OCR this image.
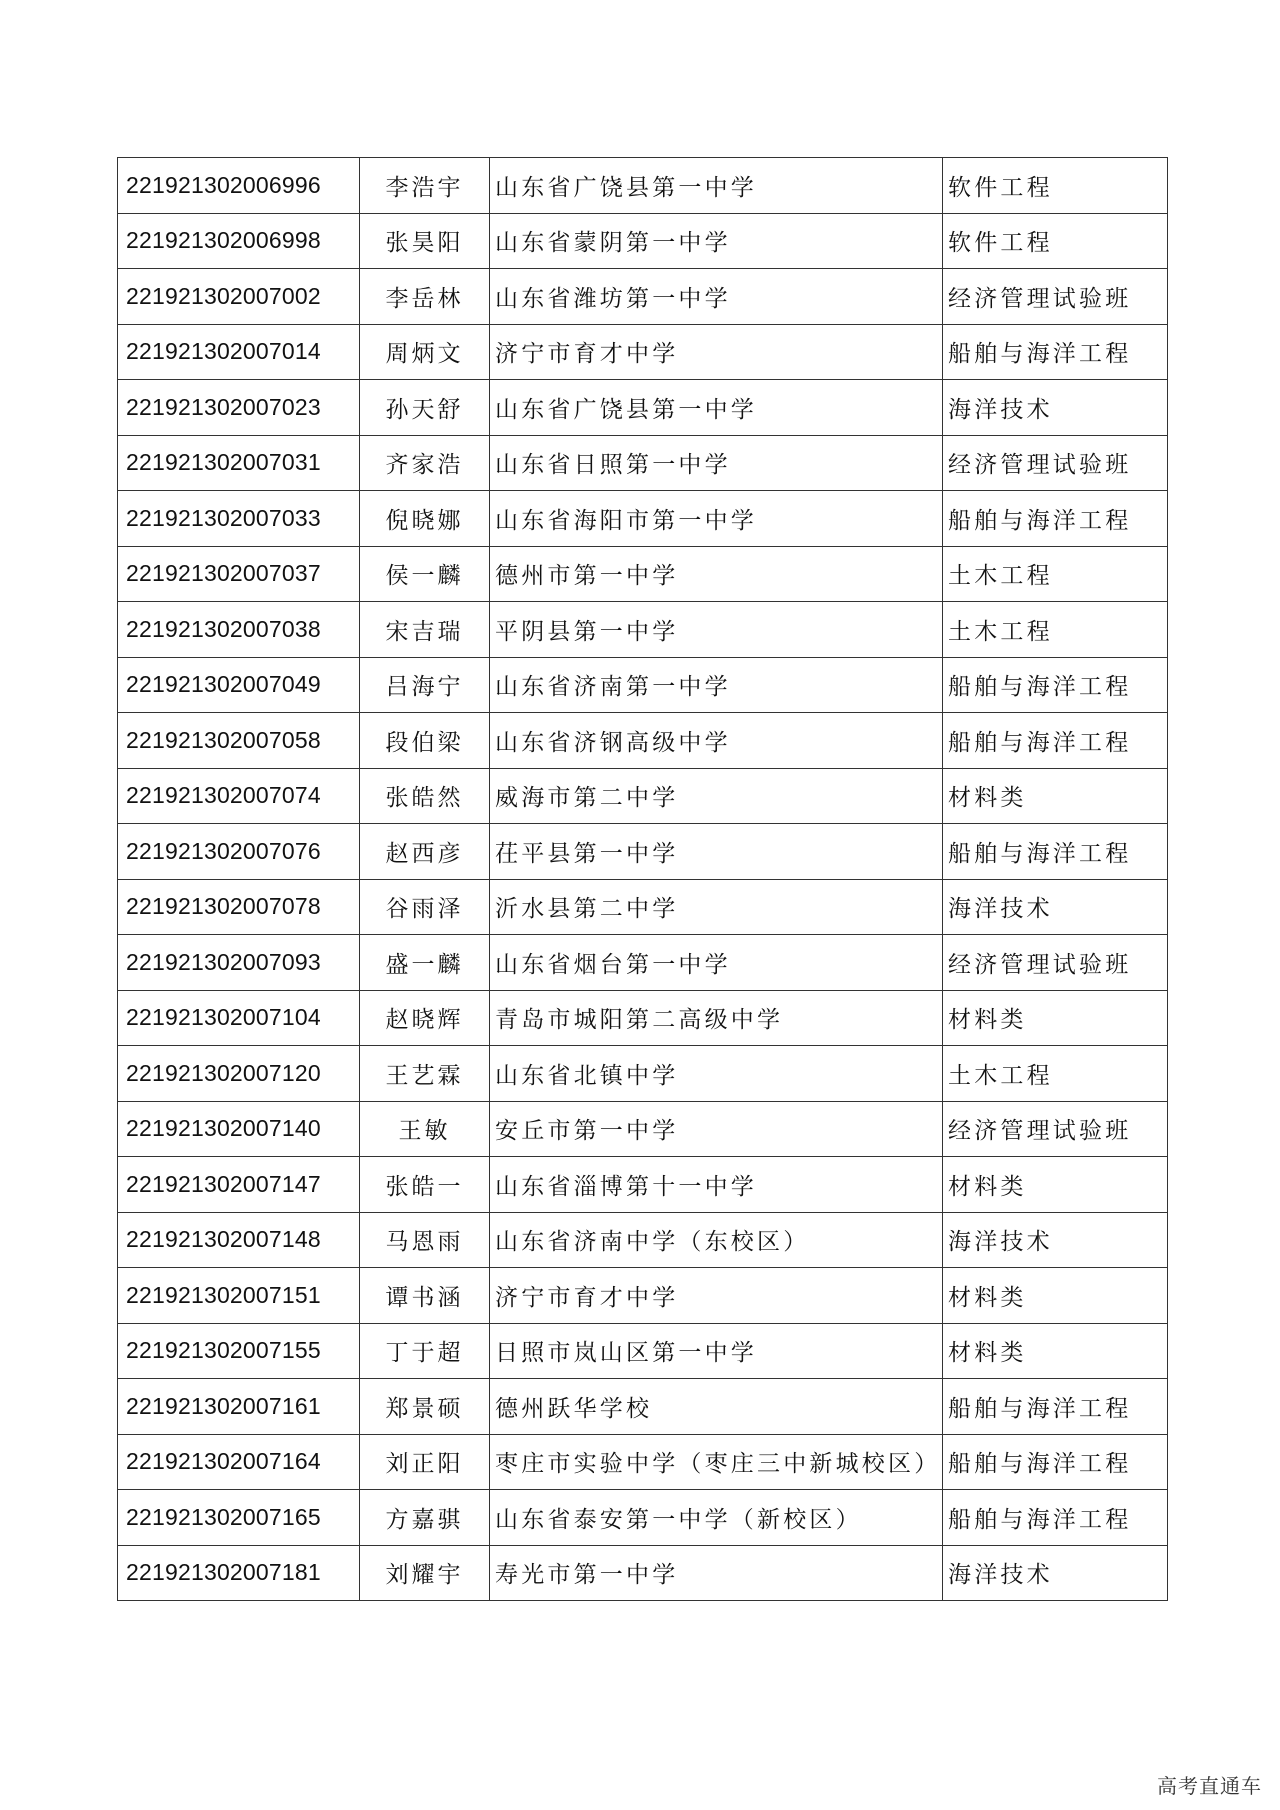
221921302006996	李浩宇	山东省广饶县第一中学	软件工程
221921302006998	张昊阳	山东省蒙阴第一中学	软件工程
221921302007002	李岳林	山东省潍坊第一中学	经济管理试验班
221921302007014	周炳文	济宁市育才中学	船舶与海洋工程
221921302007023	孙天舒	山东省广饶县第一中学	海洋技术
221921302007031	齐家浩	山东省日照第一中学	经济管理试验班
221921302007033	倪晓娜	山东省海阳市第一中学	船舶与海洋工程
221921302007037	侯一麟	德州市第一中学	土木工程
221921302007038	宋吉瑞	平阴县第一中学	土木工程
221921302007049	吕海宁	山东省济南第一中学	船舶与海洋工程
221921302007058	段伯梁	山东省济钢高级中学	船舶与海洋工程
221921302007074	张皓然	威海市第二中学	材料类
221921302007076	赵西彦	茌平县第一中学	船舶与海洋工程
221921302007078	谷雨泽	沂水县第二中学	海洋技术
221921302007093	盛一麟	山东省烟台第一中学	经济管理试验班
221921302007104	赵晓辉	青岛市城阳第二高级中学	材料类
221921302007120	王艺霖	山东省北镇中学	土木工程
221921302007140	王敏	安丘市第一中学	经济管理试验班
221921302007147	张皓一	山东省淄博第十一中学	材料类
221921302007148	马恩雨	山东省济南中学（东校区）	海洋技术
221921302007151	谭书涵	济宁市育才中学	材料类
221921302007155	丁于超	日照市岚山区第一中学	材料类
221921302007161	郑景硕	德州跃华学校	船舶与海洋工程
221921302007164	刘正阳	枣庄市实验中学（枣庄三中新城校区）	船舶与海洋工程
221921302007165	方嘉骐	山东省泰安第一中学（新校区）	船舶与海洋工程
221921302007181	刘耀宇	寿光市第一中学	海洋技术
高考直通车
